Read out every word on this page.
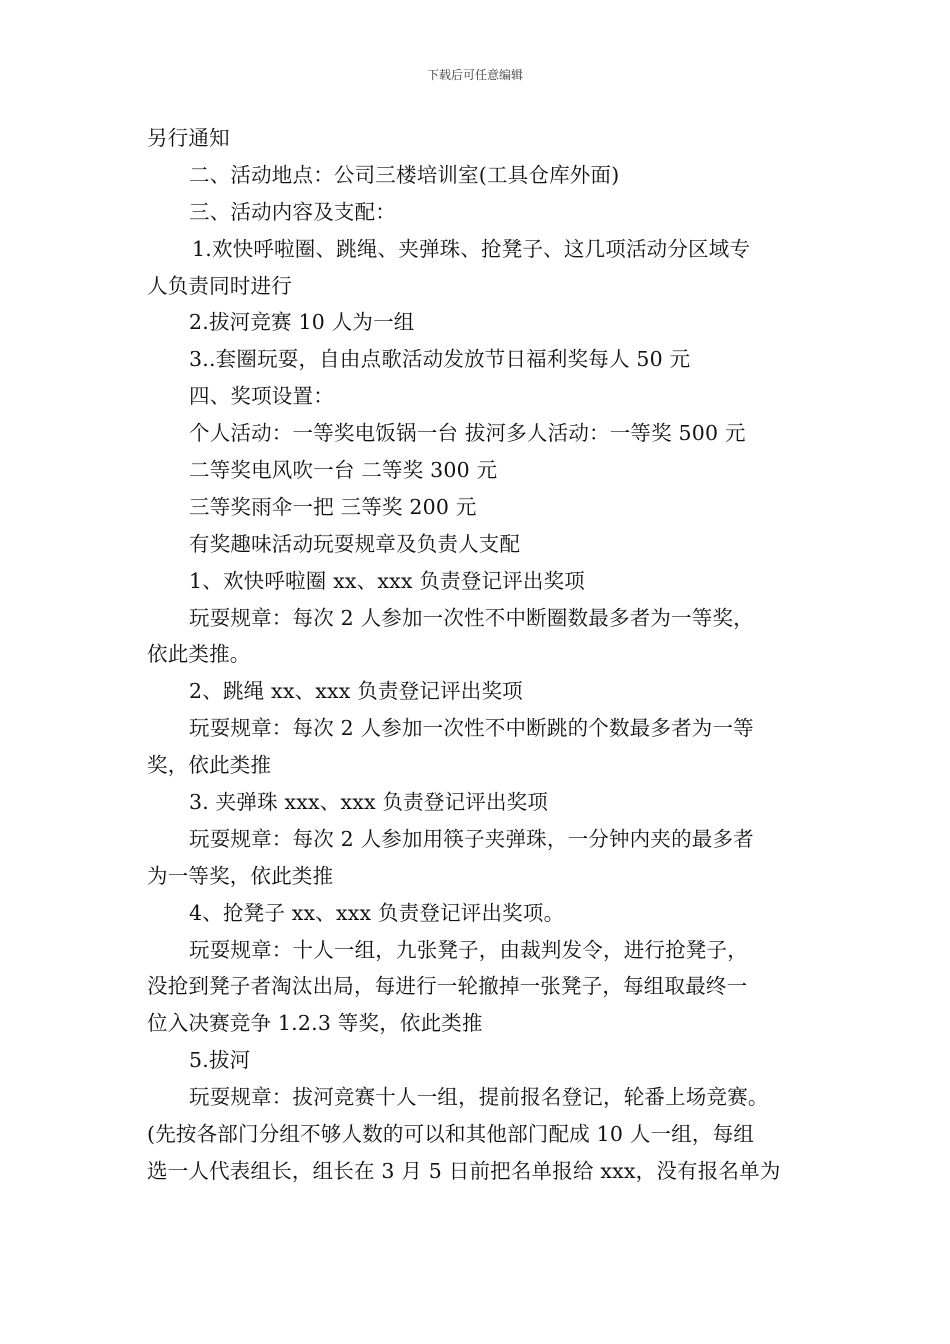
下载后可任意编辑
另行通知
二、活动地点：公司三楼培训室(工具仓库外面)
三、活动内容及支配：
1.欢快呼啦圈、跳绳、夹弹珠、抢凳子、这几项活动分区域专
人负责同时进行
2.拔河竞赛 10 人为一组
3..套圈玩耍，自由点歌活动发放节日福利奖每人 50 元
四、奖项设置：
个人活动：一等奖电饭锅一台 拔河多人活动：一等奖 500 元
二等奖电风吹一台 二等奖 300 元
三等奖雨伞一把 三等奖 200 元
有奖趣味活动玩耍规章及负责人支配
1、欢快呼啦圈 xx、xxx 负责登记评出奖项
玩耍规章：每次 2 人参加一次性不中断圈数最多者为一等奖，
依此类推。
2、跳绳 xx、xxx 负责登记评出奖项
玩耍规章：每次 2 人参加一次性不中断跳的个数最多者为一等
奖，依此类推
3. 夹弹珠 xxx、xxx 负责登记评出奖项
玩耍规章：每次 2 人参加用筷子夹弹珠，一分钟内夹的最多者
为一等奖，依此类推
4、抢凳子 xx、xxx 负责登记评出奖项。
玩耍规章：十人一组，九张凳子，由裁判发令，进行抢凳子，
没抢到凳子者淘汰出局，每进行一轮撤掉一张凳子，每组取最终一
位入决赛竞争 1.2.3 等奖，依此类推
5.拔河
玩耍规章：拔河竞赛十人一组，提前报名登记，轮番上场竞赛。
(先按各部门分组不够人数的可以和其他部门配成 10 人一组，每组
选一人代表组长，组长在 3 月 5 日前把名单报给 xxx，没有报名单为
